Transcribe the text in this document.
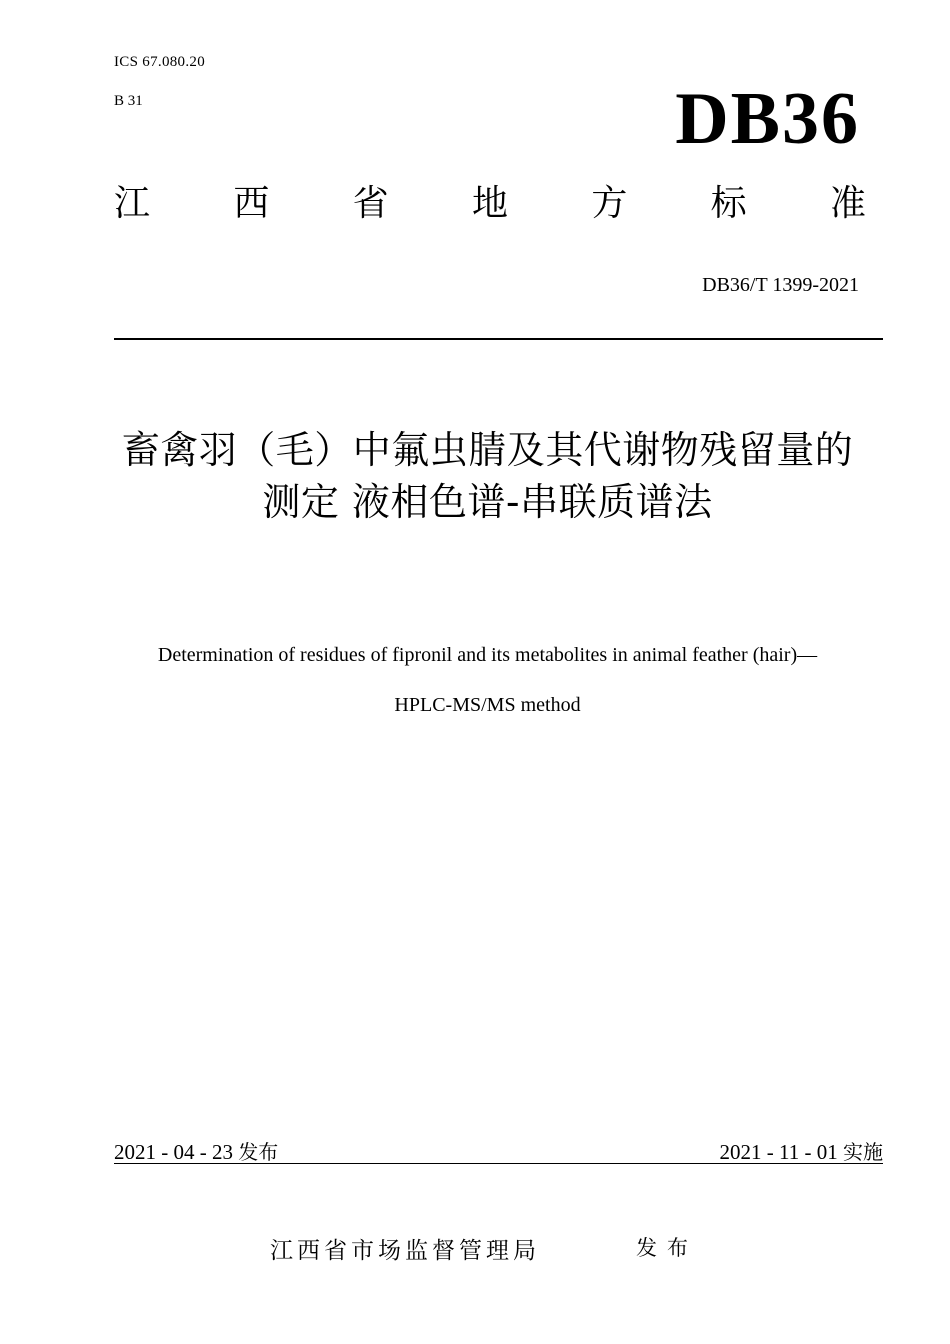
ICS 67.080.20
B 31	DB36
江 西 省 地 方 标 准
DB36/T 1399-2021
畜禽羽（毛）中氟虫腈及其代谢物残留量的
测定 液相色谱-串联质谱法
Determination of residues of fipronil and its metabolites in animal feather (hair)—
HPLC-MS/MS method
2021 - 04 - 23 发布	2021 - 11 - 01 实施
江西省市场监督管理局	发布
